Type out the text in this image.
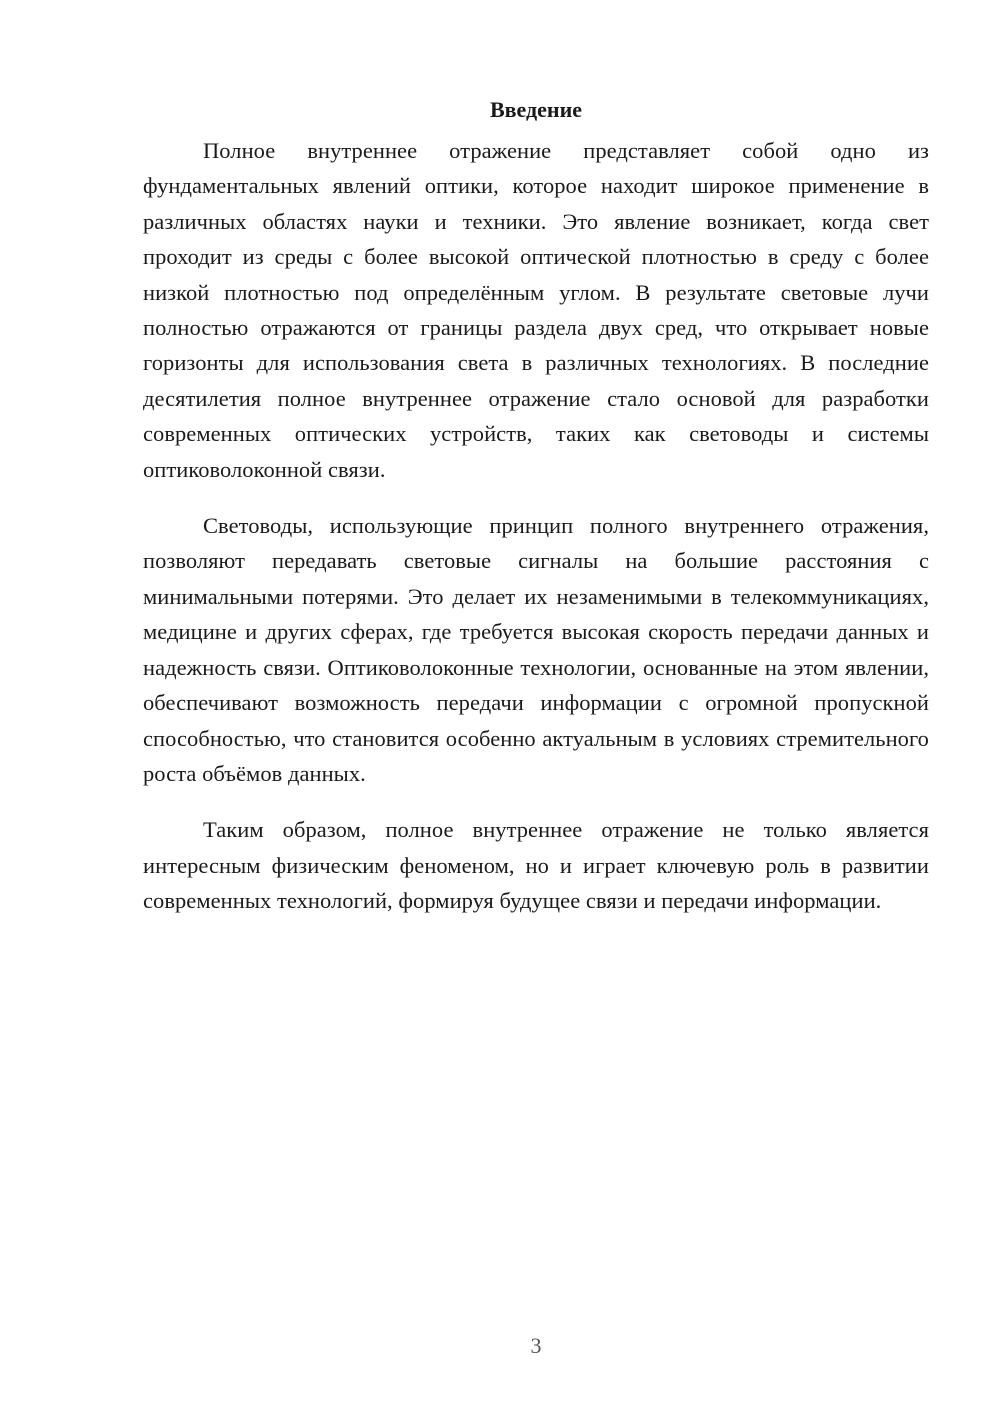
Введение

Полное внутреннее отражение представляет собой одно из фундаментальных явлений оптики, которое находит широкое применение в различных областях науки и техники. Это явление возникает, когда свет проходит из среды с более высокой оптической плотностью в среду с более низкой плотностью под определённым углом. В результате световые лучи полностью отражаются от границы раздела двух сред, что открывает новые горизонты для использования света в различных технологиях. В последние десятилетия полное внутреннее отражение стало основой для разработки современных оптических устройств, таких как световоды и системы оптиковолоконной связи.

Световоды, использующие принцип полного внутреннего отражения, позволяют передавать световые сигналы на большие расстояния с минимальными потерями. Это делает их незаменимыми в телекоммуникациях, медицине и других сферах, где требуется высокая скорость передачи данных и надежность связи. Оптиковолоконные технологии, основанные на этом явлении, обеспечивают возможность передачи информации с огромной пропускной способностью, что становится особенно актуальным в условиях стремительного роста объёмов данных.

Таким образом, полное внутреннее отражение не только является интересным физическим феноменом, но и играет ключевую роль в развитии современных технологий, формируя будущее связи и передачи информации.

3
